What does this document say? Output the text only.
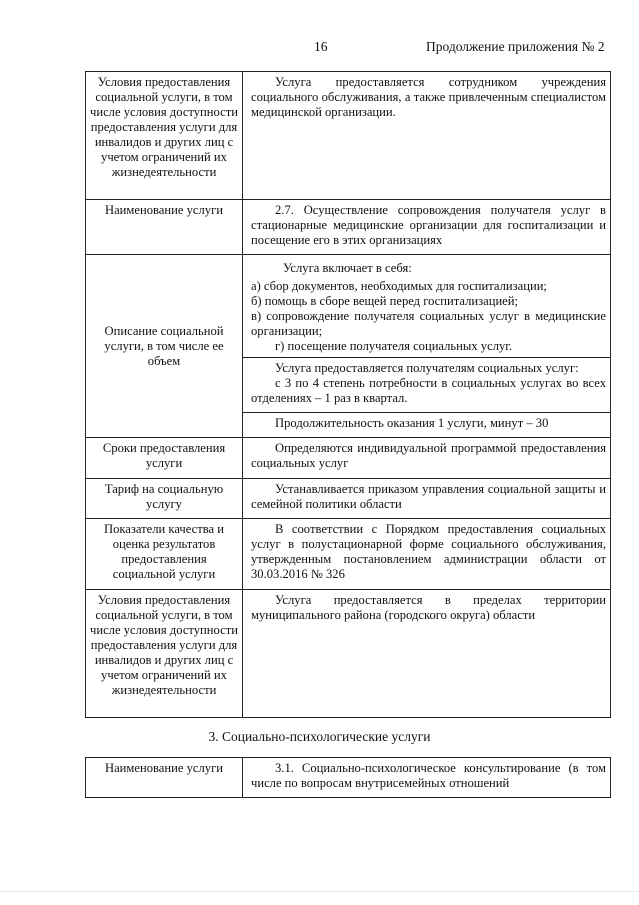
16	Продолжение приложения № 2
Условия предоставления социальной услуги, в том числе условия доступности предоставления услуги для инвалидов и других лиц с учетом ограничений их жизнедеятельности	Услуга предоставляется сотрудником учреждения социального обслуживания, а также привлеченным специалистом медицинской организации.

Наименование услуги	2.7. Осуществление сопровождения получателя услуг в стационарные медицинские организации для госпитализации и посещение его в этих организациях

Описание социальной услуги, в том числе ее объем	Услуга включает в себя:
а) сбор документов, необходимых для госпитализации;
б) помощь в сборе вещей перед госпитализацией;
в) сопровождение получателя социальных услуг в медицинские организации;
г) посещение получателя социальных услуг.

	Услуга предоставляется получателям социальных услуг:
с 3 по 4 степень потребности в социальных услугах во всех отделениях – 1 раз в квартал.

	Продолжительность оказания 1 услуги, минут – 30

Сроки предоставления услуги	Определяются индивидуальной программой предоставления социальных услуг

Тариф на социальную услугу	Устанавливается приказом управления социальной защиты и семейной политики области

Показатели качества и оценка результатов предоставления социальной услуги	В соответствии с Порядком предоставления социальных услуг в полустационарной форме социального обслуживания, утвержденным постановлением администрации области от 30.03.2016 № 326

Условия предоставления социальной услуги, в том числе условия доступности предоставления услуги для инвалидов и других лиц с учетом ограничений их жизнедеятельности	Услуга предоставляется в пределах территории муниципального района (городского округа) области
3. Социально-психологические услуги
Наименование услуги	3.1. Социально-психологическое консультирование (в том числе по вопросам внутрисемейных отношений
